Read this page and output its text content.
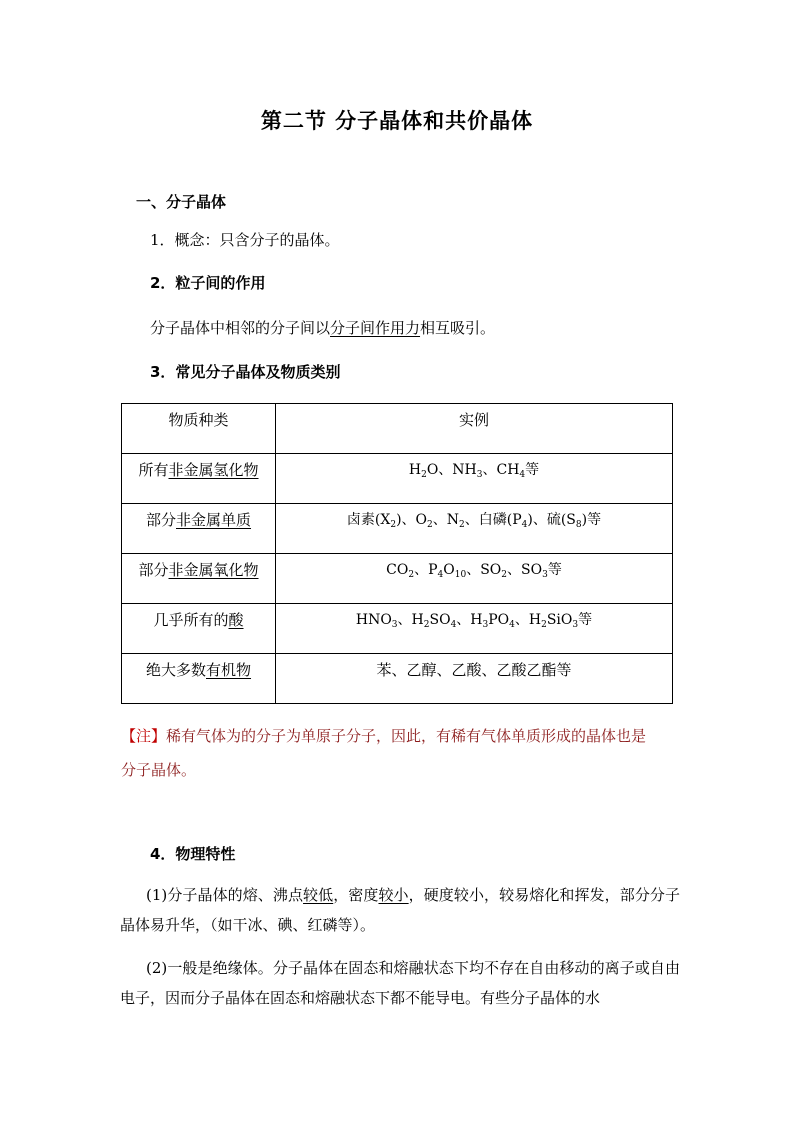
第二节 分子晶体和共价晶体
一、分子晶体
1．概念：只含分子的晶体。
2．粒子间的作用
分子晶体中相邻的分子间以分子间作用力相互吸引。
3．常见分子晶体及物质类别
物质种类	实例
所有非金属氢化物	$H_2O$、$NH_3$、$CH_4$等
部分非金属单质	卤素$(X_2)$、$O_2$、$N_2$、白磷$(P_4)$、硫$(S_8)$等
部分非金属氧化物	$CO_2$、$P_4O_{10}$、$SO_2$、$SO_3$等
几乎所有的酸	$HNO_3$、$H_2SO_4$、$H_3PO_4$、$H_2SiO_3$等
绝大多数有机物	苯、乙醇、乙酸、乙酸乙酯等
【注】稀有气体为的分子为单原子分子，因此，有稀有气体单质形成的晶体也是
分子晶体。
4．物理特性
(1)分子晶体的熔、沸点较低，密度较小，硬度较小，较易熔化和挥发，部分分子晶体易升华，（如干冰、碘、红磷等）。
(2)一般是绝缘体。分子晶体在固态和熔融状态下均不存在自由移动的离子或自由电子，因而分子晶体在固态和熔融状态下都不能导电。有些分子晶体的水
